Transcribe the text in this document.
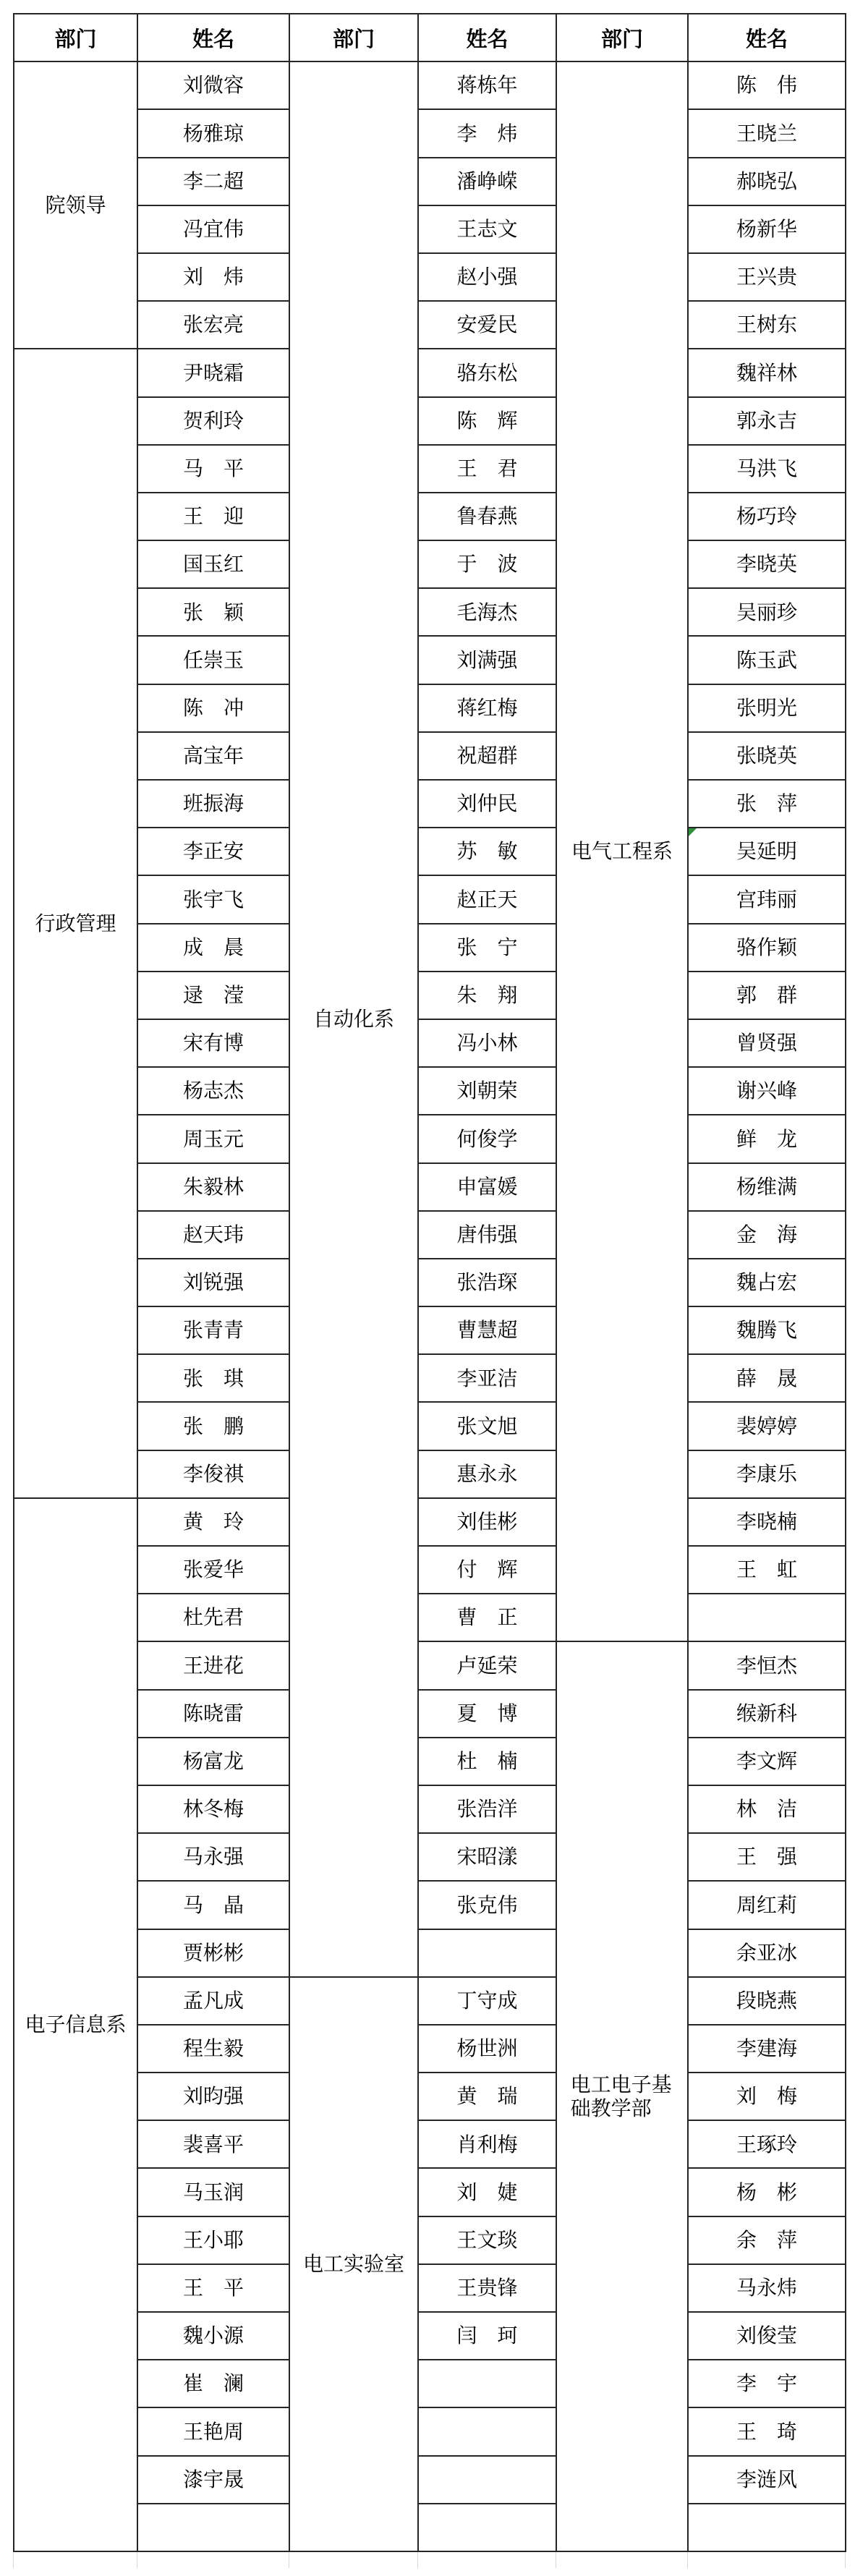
部门	姓名	部门	姓名	部门	姓名
院领导	刘微容	自动化系	蒋栋年	电气工程系	陈　伟
	杨雅琼		李　炜		王晓兰
	李二超		潘峥嵘		郝晓弘
	冯宜伟		王志文		杨新华
	刘　炜		赵小强		王兴贵
	张宏亮		安爱民		王树东
行政管理	尹晓霜		骆东松		魏祥林
	贺利玲		陈　辉		郭永吉
	马　平		王　君		马洪飞
	王　迎		鲁春燕		杨巧玲
	国玉红		于　波		李晓英
	张　颖		毛海杰		吴丽珍
	任崇玉		刘满强		陈玉武
	陈　冲		蒋红梅		张明光
	高宝年		祝超群		张晓英
	班振海		刘仲民		张　萍
	李正安		苏　敏		吴延明
	张宇飞		赵正天		宫玮丽
	成　晨		张　宁		骆作颖
	逯　滢		朱　翔		郭　群
	宋有博		冯小林		曾贤强
	杨志杰		刘朝荣		谢兴峰
	周玉元		何俊学		鲜　龙
	朱毅林		申富媛		杨维满
	赵天玮		唐伟强		金　海
	刘锐强		张浩琛		魏占宏
	张青青		曹慧超		魏腾飞
	张　琪		李亚洁		薛　晟
	张　鹏		张文旭		裴婷婷
	李俊祺		惠永永		李康乐
电子信息系	黄　玲		刘佳彬		李晓楠
	张爱华		付　辉		王　虹
	杜先君		曹　正		
	王进花		卢延荣	电工电子基础教学部	李恒杰
	陈晓雷		夏　博		缑新科
	杨富龙		杜　楠		李文辉
	林冬梅		张浩洋		林　洁
	马永强		宋昭漾		王　强
	马　晶		张克伟		周红莉
	贾彬彬				余亚冰
	孟凡成	电工实验室	丁守成		段晓燕
	程生毅		杨世洲		李建海
	刘昀强		黄　瑞		刘　梅
	裴喜平		肖利梅		王琢玲
	马玉润		刘　婕		杨　彬
	王小耶		王文琰		余　萍
	王　平		王贵锋		马永炜
	魏小源		闫　珂		刘俊莹
	崔　澜				李　宇
	王艳周				王　琦
	漆宇晟				李涟风
